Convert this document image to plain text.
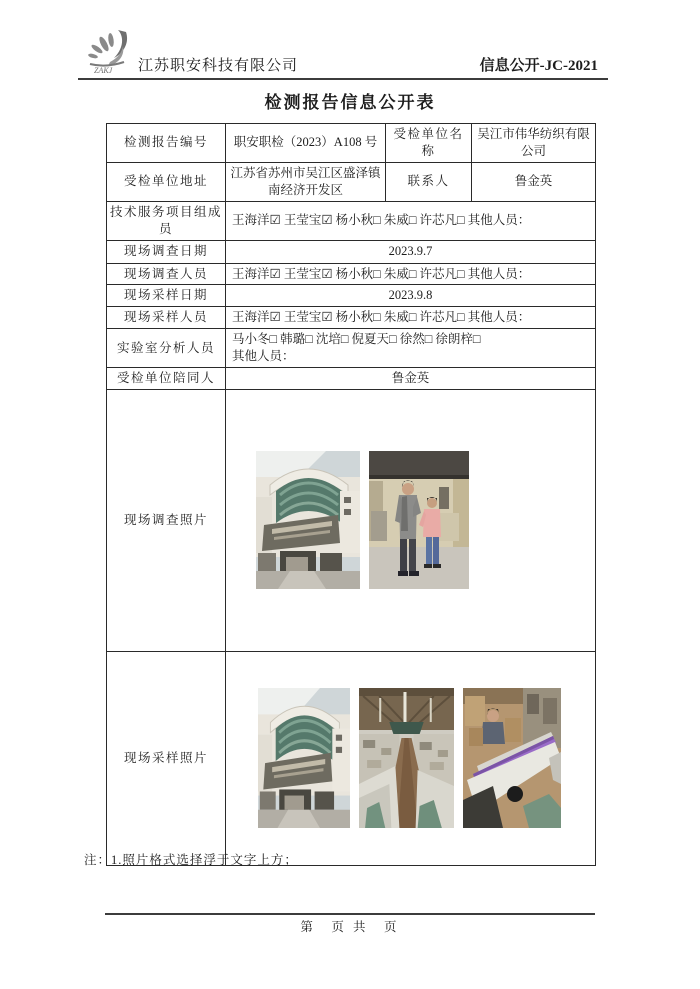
ZAKJ 江苏职安科技有限公司	信息公开-JC-2021
检测报告信息公开表
检测报告编号	职安职检（2023）A108 号	受检单位名称	吴江市伟华纺织有限公司
受检单位地址	江苏省苏州市吴江区盛泽镇南经济开发区	联系人	鲁金英
技术服务项目组成员	王海洋☑ 王莹宝☑ 杨小秋□ 朱威□ 许芯凡□ 其他人员：		
现场调查日期	2023.9.7		
现场调查人员	王海洋☑ 王莹宝☑ 杨小秋□ 朱威□ 许芯凡□ 其他人员：		
现场采样日期	2023.9.8		
现场采样人员	王海洋☑ 王莹宝☑ 杨小秋□ 朱威□ 许芯凡□ 其他人员：		
实验室分析人员	马小冬□ 韩璐□ 沈培□ 倪夏天□ 徐然□ 徐朗梓□
其他人员：		

受检单位陪同人	鲁金英		
现场调查照片	

现场采样照片	
注：1.照片格式选择浮于文字上方；
第　页 共　页
